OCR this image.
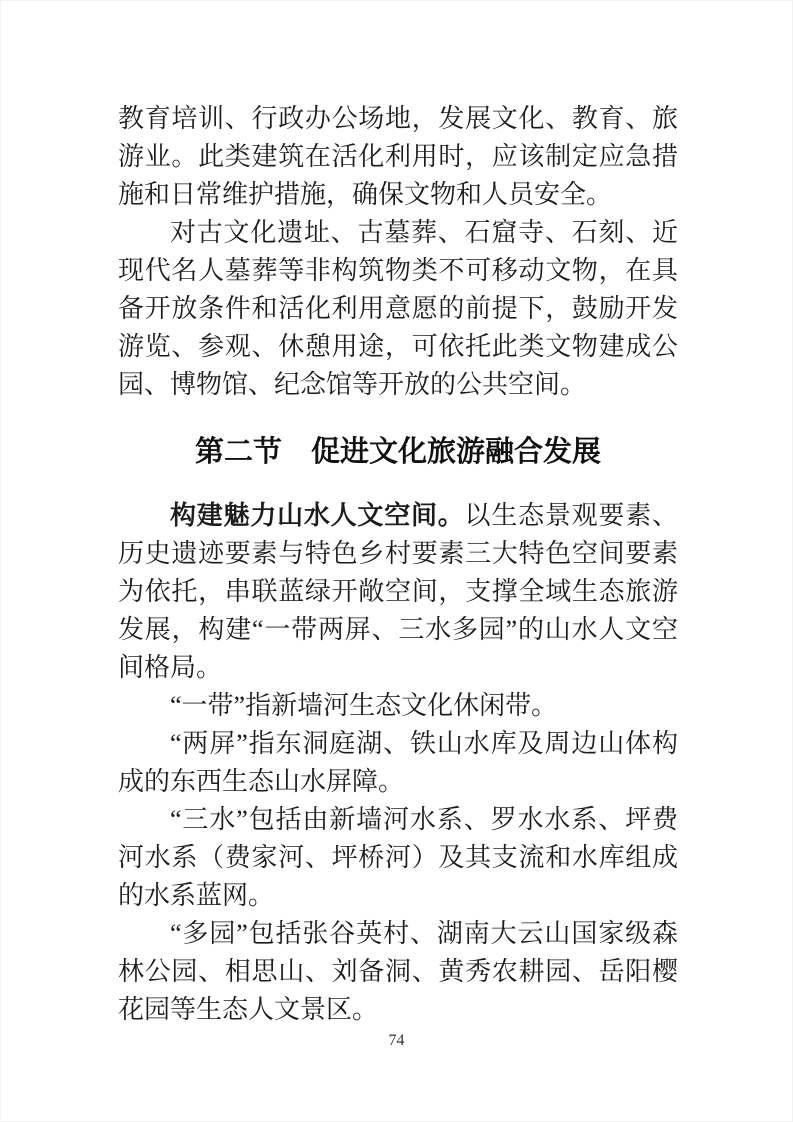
教育培训、行政办公场地，发展文化、教育、旅游业。此类建筑在活化利用时，应该制定应急措施和日常维护措施，确保文物和人员安全。

对古文化遗址、古墓葬、石窟寺、石刻、近现代名人墓葬等非构筑物类不可移动文物，在具备开放条件和活化利用意愿的前提下，鼓励开发游览、参观、休憩用途，可依托此类文物建成公园、博物馆、纪念馆等开放的公共空间。

第二节　促进文化旅游融合发展

构建魅力山水人文空间。以生态景观要素、历史遗迹要素与特色乡村要素三大特色空间要素为依托，串联蓝绿开敞空间，支撑全域生态旅游发展，构建“一带两屏、三水多园”的山水人文空间格局。

“一带”指新墙河生态文化休闲带。

“两屏”指东洞庭湖、铁山水库及周边山体构成的东西生态山水屏障。

“三水”包括由新墙河水系、罗水水系、坪费河水系（费家河、坪桥河）及其支流和水库组成的水系蓝网。

“多园”包括张谷英村、湖南大云山国家级森林公园、相思山、刘备洞、黄秀农耕园、岳阳樱花园等生态人文景区。

74
